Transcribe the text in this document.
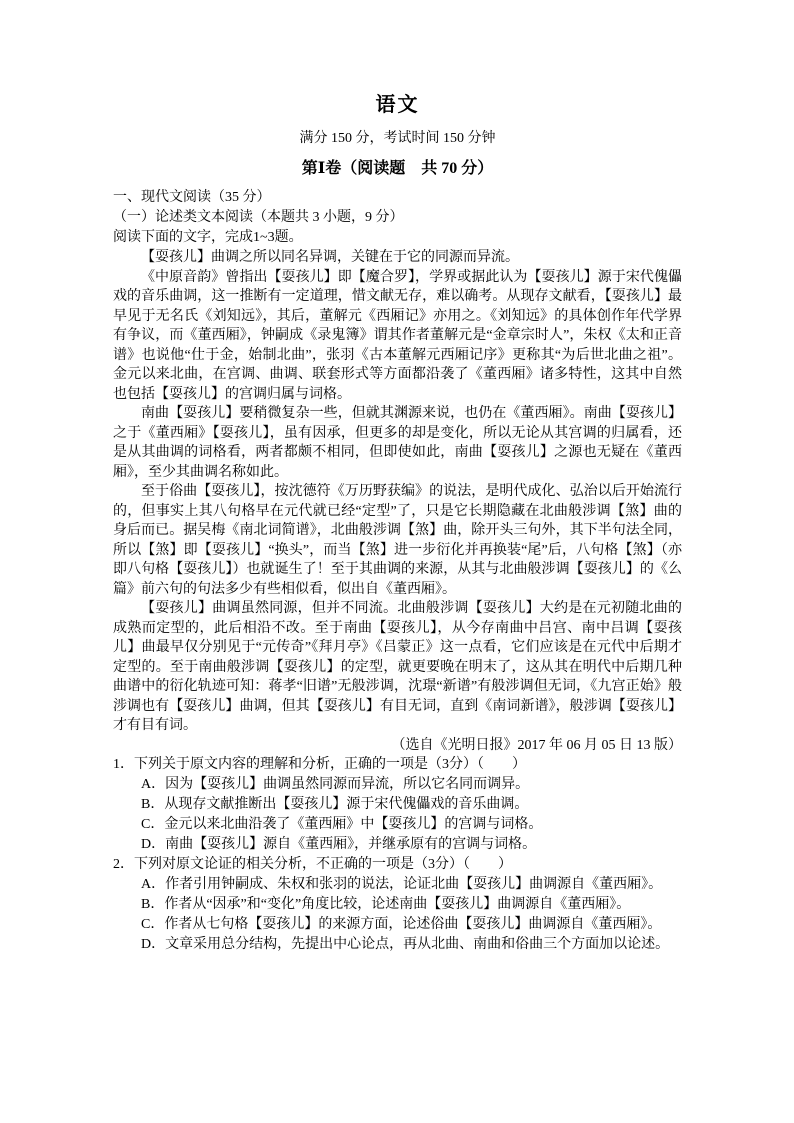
语文
满分 150 分，考试时间 150 分钟
第Ⅰ卷（阅读题　共 70 分）
一、现代文阅读（35 分）
（一）论述类文本阅读（本题共 3 小题，9 分）
阅读下面的文字，完成1~3题。

【耍孩儿】曲调之所以同名异调，关键在于它的同源而异流。

《中原音韵》曾指出【耍孩儿】即【魔合罗】，学界或据此认为【耍孩儿】源于宋代傀儡戏的音乐曲调，这一推断有一定道理，惜文献无存，难以确考。从现存文献看，【耍孩儿】最早见于无名氏《刘知远》，其后，董解元《西厢记》亦用之。《刘知远》的具体创作年代学界有争议，而《董西厢》，钟嗣成《录鬼簿》谓其作者董解元是“金章宗时人”，朱权《太和正音谱》也说他“仕于金，始制北曲”，张羽《古本董解元西厢记序》更称其“为后世北曲之祖”。金元以来北曲，在宫调、曲调、联套形式等方面都沿袭了《董西厢》诸多特性，这其中自然也包括【耍孩儿】的宫调归属与词格。

南曲【耍孩儿】要稍微复杂一些，但就其渊源来说，也仍在《董西厢》。南曲【耍孩儿】之于《董西厢》【耍孩儿】，虽有因承，但更多的却是变化，所以无论从其宫调的归属看，还是从其曲调的词格看，两者都颇不相同，但即使如此，南曲【耍孩儿】之源也无疑在《董西厢》，至少其曲调名称如此。

至于俗曲【耍孩儿】，按沈德符《万历野获编》的说法，是明代成化、弘治以后开始流行的，但事实上其八句格早在元代就已经“定型”了，只是它长期隐藏在北曲般涉调【煞】曲的身后而已。据吴梅《南北词简谱》，北曲般涉调【煞】曲，除开头三句外，其下半句法全同，所以【煞】即【耍孩儿】“换头”，而当【煞】进一步衍化并再换装“尾”后，八句格【煞】（亦即八句格【耍孩儿】）也就诞生了！至于其曲调的来源，从其与北曲般涉调【耍孩儿】的《么篇》前六句的句法多少有些相似看，似出自《董西厢》。

【耍孩儿】曲调虽然同源，但并不同流。北曲般涉调【耍孩儿】大约是在元初随北曲的成熟而定型的，此后相沿不改。至于南曲【耍孩儿】，从今存南曲中吕宫、南中吕调【耍孩儿】曲最早仅分别见于“元传奇”《拜月亭》《吕蒙正》这一点看，它们应该是在元代中后期才定型的。至于南曲般涉调【耍孩儿】的定型，就更要晚在明末了，这从其在明代中后期几种曲谱中的衍化轨迹可知：蒋孝“旧谱”无般涉调，沈璟“新谱”有般涉调但无词，《九宫正始》般涉调也有【耍孩儿】曲调，但其【耍孩儿】有目无词，直到《南词新谱》，般涉调【耍孩儿】才有目有词。

（选自《光明日报》2017 年 06 月 05 日 13 版）
1．下列关于原文内容的理解和分析，正确的一项是（3分）（　　）
A．因为【耍孩儿】曲调虽然同源而异流，所以它名同而调异。
B．从现存文献推断出【耍孩儿】源于宋代傀儡戏的音乐曲调。
C．金元以来北曲沿袭了《董西厢》中【耍孩儿】的宫调与词格。
D．南曲【耍孩儿】源自《董西厢》，并继承原有的宫调与词格。
2．下列对原文论证的相关分析，不正确的一项是（3分）（　　）
A．作者引用钟嗣成、朱权和张羽的说法，论证北曲【耍孩儿】曲调源自《董西厢》。
B．作者从“因承”和“变化”角度比较，论述南曲【耍孩儿】曲调源自《董西厢》。
C．作者从七句格【耍孩儿】的来源方面，论述俗曲【耍孩儿】曲调源自《董西厢》。
D．文章采用总分结构，先提出中心论点，再从北曲、南曲和俗曲三个方面加以论述。
